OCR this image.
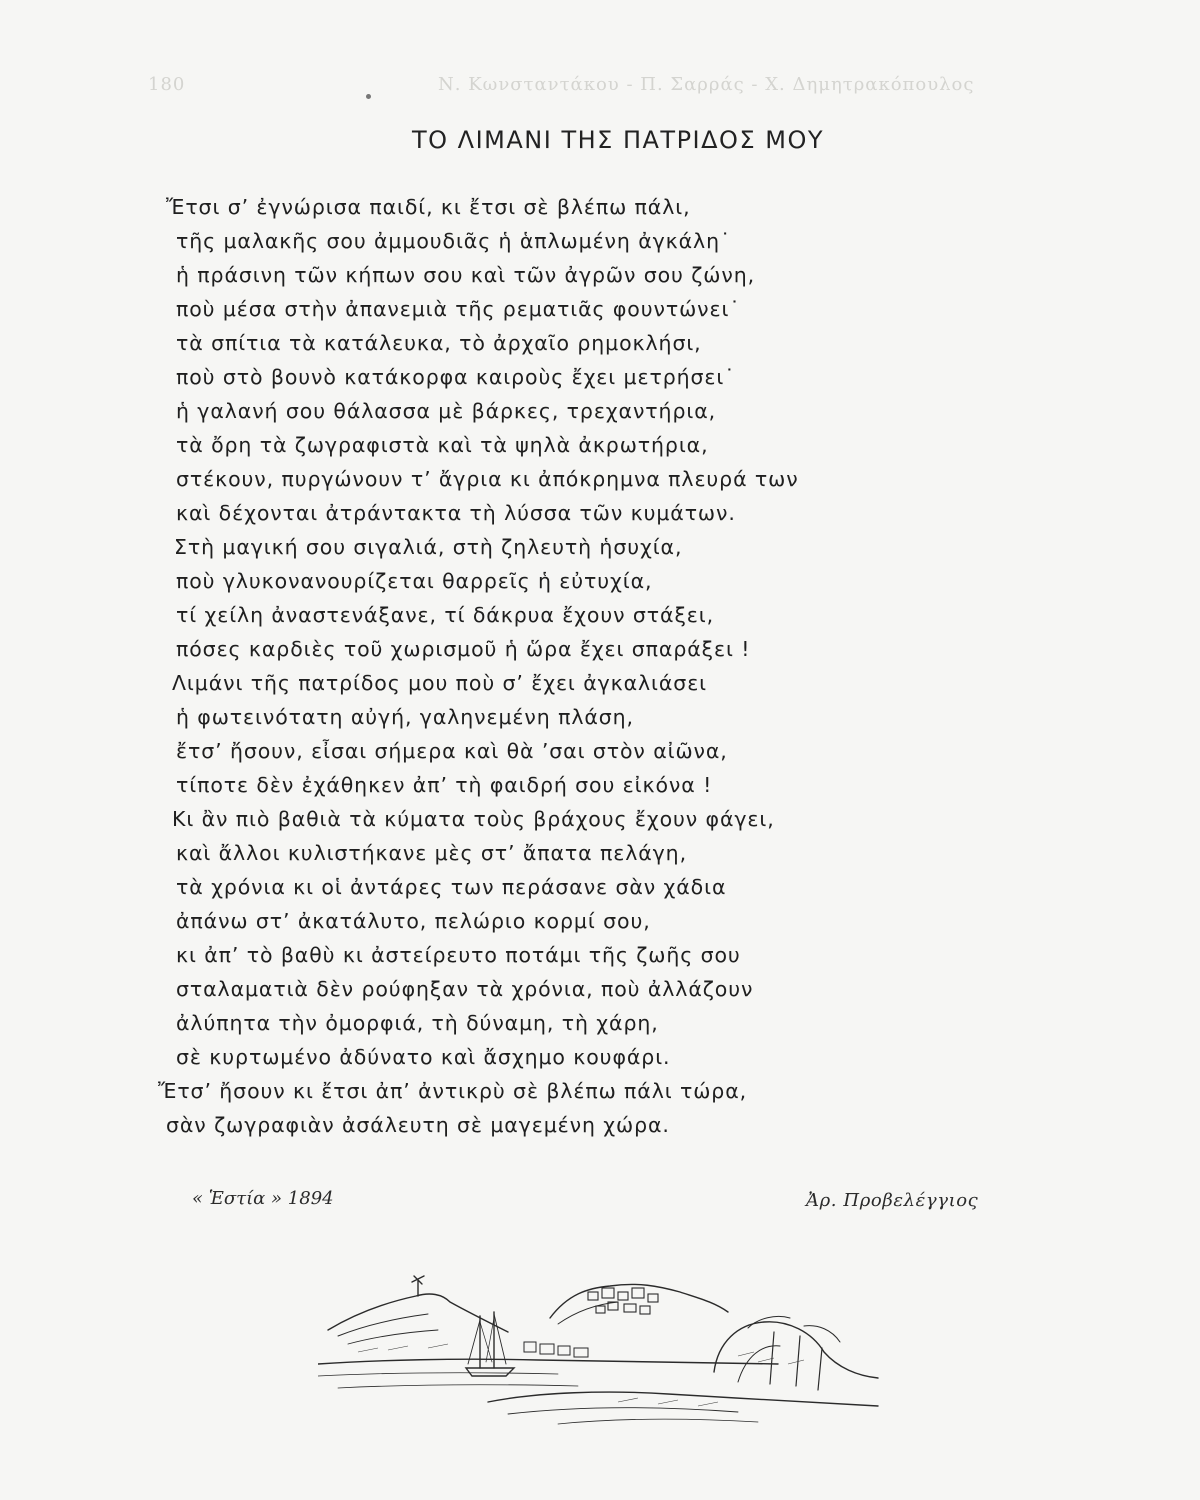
180	Ν. Κωνσταντάκου - Π. Σαρράς - Χ. Δημητρακόπουλος
ΤΟ ΛΙΜΑΝΙ ΤΗΣ ΠΑΤΡΙΔΟΣ ΜΟΥ
Ἔτσι σ’ ἐγνώρισα παιδί, κι ἔτσι σὲ βλέπω πάλι,
τῆς μαλακῆς σου ἀμμουδιᾶς ἡ ἁπλωμένη ἀγκάλη˙
ἡ πράσινη τῶν κήπων σου καὶ τῶν ἀγρῶν σου ζώνη,
ποὺ μέσα στὴν ἀπανεμιὰ τῆς ρεματιᾶς φουντώνει˙
τὰ σπίτια τὰ κατάλευκα, τὸ ἀρχαῖο ρημοκλήσι,
ποὺ στὸ βουνὸ κατάκορφα καιροὺς ἔχει μετρήσει˙
ἡ γαλανή σου θάλασσα μὲ βάρκες, τρεχαντήρια,
τὰ ὄρη τὰ ζωγραφιστὰ καὶ τὰ ψηλὰ ἀκρωτήρια,
στέκουν, πυργώνουν τ’ ἄγρια κι ἀπόκρημνα πλευρά των
καὶ δέχονται ἀτράντακτα τὴ λύσσα τῶν κυμάτων.
Στὴ μαγική σου σιγαλιά, στὴ ζηλευτὴ ἡσυχία,
ποὺ γλυκονανουρίζεται θαρρεῖς ἡ εὐτυχία,
τί χείλη ἀναστενάξανε, τί δάκρυα ἔχουν στάξει,
πόσες καρδιὲς τοῦ χωρισμοῦ ἡ ὥρα ἔχει σπαράξει !
Λιμάνι τῆς πατρίδος μου ποὺ σ’ ἔχει ἀγκαλιάσει
ἡ φωτεινότατη αὐγή, γαληνεμένη πλάση,
ἔτσ’ ἤσουν, εἶσαι σήμερα καὶ θὰ ’σαι στὸν αἰῶνα,
τίποτε δὲν ἐχάθηκεν ἀπ’ τὴ φαιδρή σου εἰκόνα !
Κι ἂν πιὸ βαθιὰ τὰ κύματα τοὺς βράχους ἔχουν φάγει,
καὶ ἄλλοι κυλιστήκανε μὲς στ’ ἄπατα πελάγη,
τὰ χρόνια κι οἱ ἀντάρες των περάσανε σὰν χάδια
ἀπάνω στ’ ἀκατάλυτο, πελώριο κορμί σου,
κι ἀπ’ τὸ βαθὺ κι ἀστείρευτο ποτάμι τῆς ζωῆς σου
σταλαματιὰ δὲν ρούφηξαν τὰ χρόνια, ποὺ ἀλλάζουν
ἀλύπητα τὴν ὀμορφιά, τὴ δύναμη, τὴ χάρη,
σὲ κυρτωμένο ἀδύνατο καὶ ἄσχημο κουφάρι.
Ἔτσ’ ἤσουν κι ἔτσι ἀπ’ ἀντικρὺ σὲ βλέπω πάλι τώρα,
σὰν ζωγραφιὰν ἀσάλευτη σὲ μαγεμένη χώρα.
« Ἑστία » 1894	Ἀρ. Προβελέγγιος
